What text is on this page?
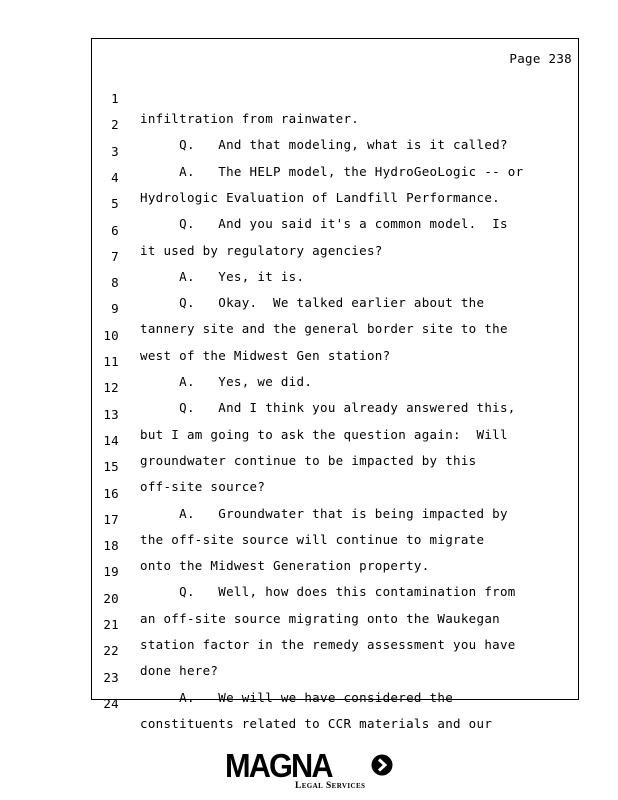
Page 238

1

infiltration from rainwater.

2

Q.   And that modeling, what is it called?

3

A.   The HELP model, the HydroGeoLogic -- or

4

Hydrologic Evaluation of Landfill Performance.

5

Q.   And you said it's a common model.  Is

6

it used by regulatory agencies?

7

A.   Yes, it is.

8

Q.   Okay.  We talked earlier about the

9

tannery site and the general border site to the

10

west of the Midwest Gen station?

11

A.   Yes, we did.

12

Q.   And I think you already answered this,

13

but I am going to ask the question again:  Will

14

groundwater continue to be impacted by this

15

off-site source?

16

A.   Groundwater that is being impacted by

17

the off-site source will continue to migrate

18

onto the Midwest Generation property.

19

Q.   Well, how does this contamination from

20

an off-site source migrating onto the Waukegan

21

station factor in the remedy assessment you have

22

done here?

23

A.   We will we have considered the

24

constituents related to CCR materials and our

MAGNA
Legal Services
